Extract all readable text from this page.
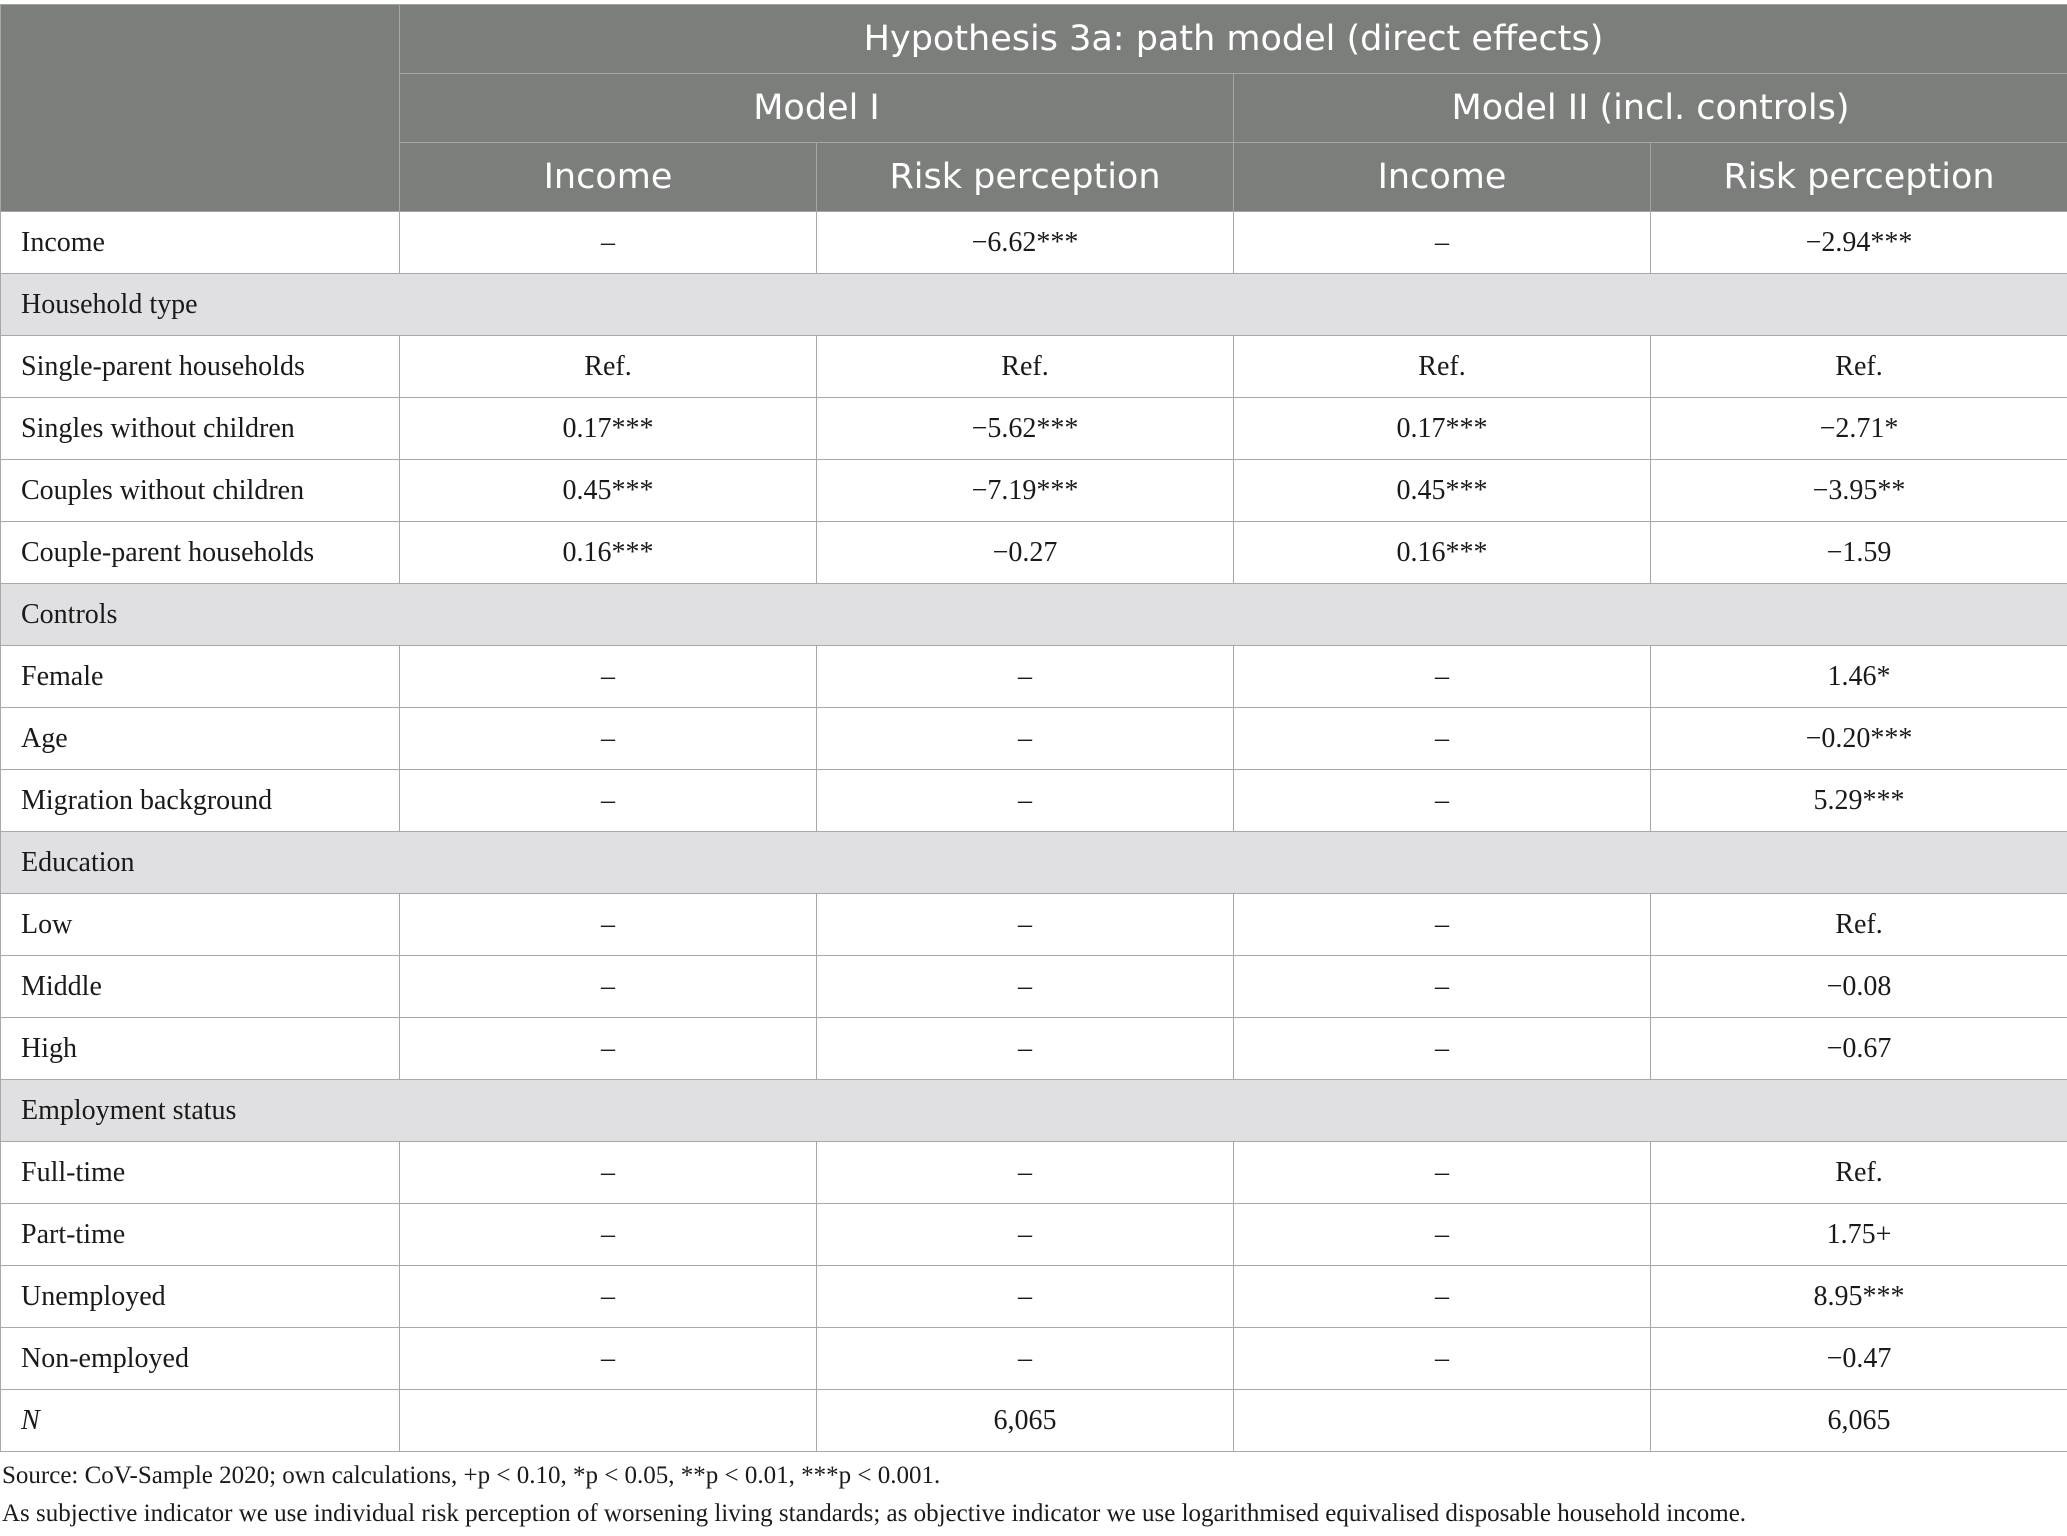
	Hypothesis 3a: path model (direct effects)			
	Model I		Model II (incl. controls)	
	Income	Risk perception	Income	Risk perception
Income	–	−6.62***	–	−2.94***
Household type				
Single-parent households	Ref.	Ref.	Ref.	Ref.
Singles without children	0.17***	−5.62***	0.17***	−2.71*
Couples without children	0.45***	−7.19***	0.45***	−3.95**
Couple-parent households	0.16***	−0.27	0.16***	−1.59
Controls				
Female	–	–	–	1.46*
Age	–	–	–	−0.20***
Migration background	–	–	–	5.29***
Education				
Low	–	–	–	Ref.
Middle	–	–	–	−0.08
High	–	–	–	−0.67
Employment status				
Full-time	–	–	–	Ref.
Part-time	–	–	–	1.75+
Unemployed	–	–	–	8.95***
Non-employed	–	–	–	−0.47
N		6,065		6,065

Source: CoV-Sample 2020; own calculations, +p < 0.10, *p < 0.05, **p < 0.01, ***p < 0.001.

As subjective indicator we use individual risk perception of worsening living standards; as objective indicator we use logarithmised equivalised disposable household income.
